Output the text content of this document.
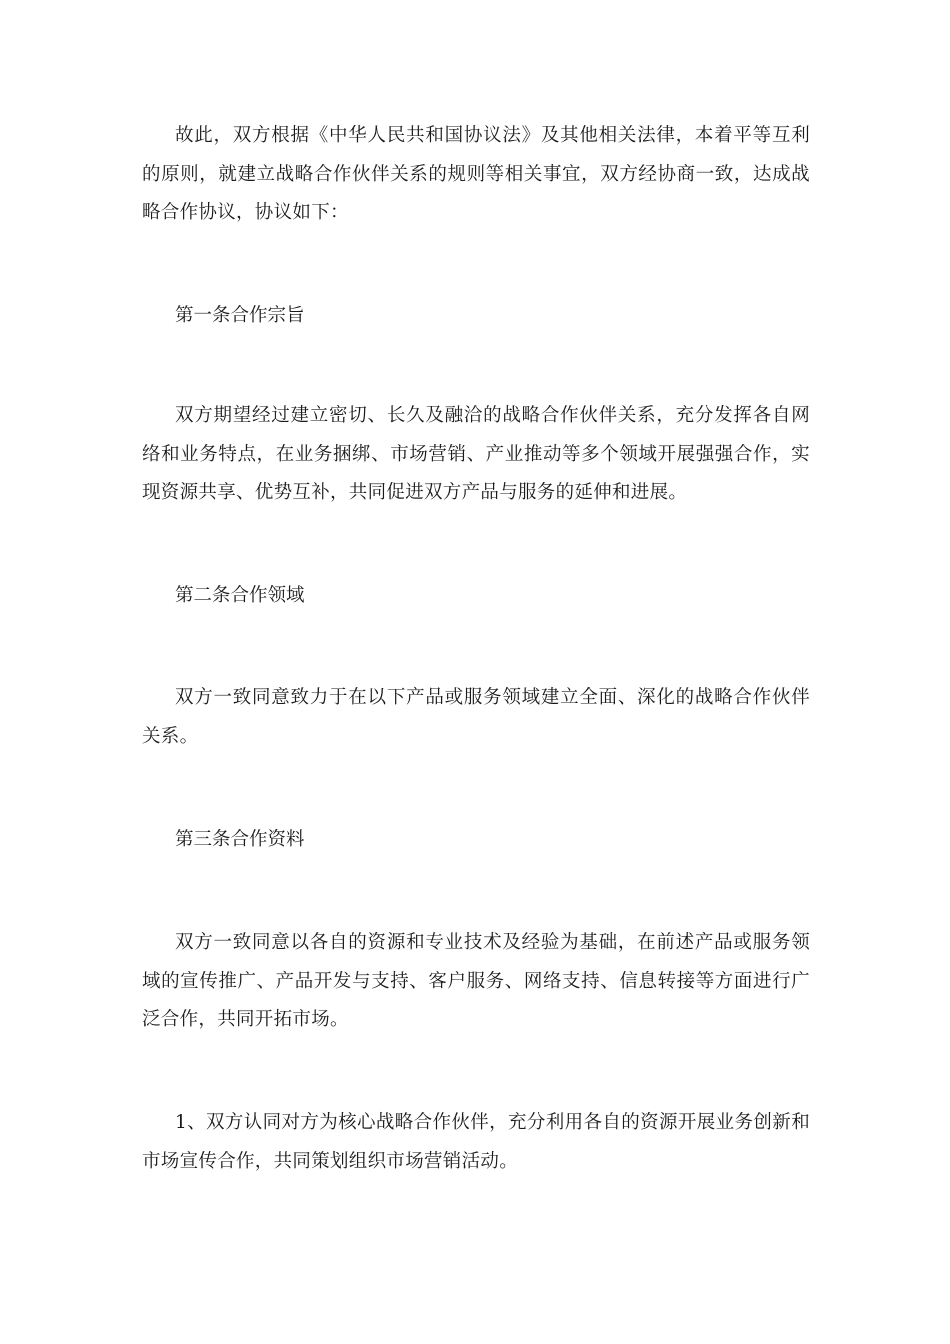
故此，双方根据《中华人民共和国协议法》及其他相关法律，本着平等互利的原则，就建立战略合作伙伴关系的规则等相关事宜，双方经协商一致，达成战略合作协议，协议如下：

第一条合作宗旨

双方期望经过建立密切、长久及融洽的战略合作伙伴关系，充分发挥各自网络和业务特点，在业务捆绑、市场营销、产业推动等多个领域开展强强合作，实现资源共享、优势互补，共同促进双方产品与服务的延伸和进展。

第二条合作领域

双方一致同意致力于在以下产品或服务领域建立全面、深化的战略合作伙伴关系。

第三条合作资料

双方一致同意以各自的资源和专业技术及经验为基础，在前述产品或服务领域的宣传推广、产品开发与支持、客户服务、网络支持、信息转接等方面进行广泛合作，共同开拓市场。

1、双方认同对方为核心战略合作伙伴，充分利用各自的资源开展业务创新和市场宣传合作，共同策划组织市场营销活动。
